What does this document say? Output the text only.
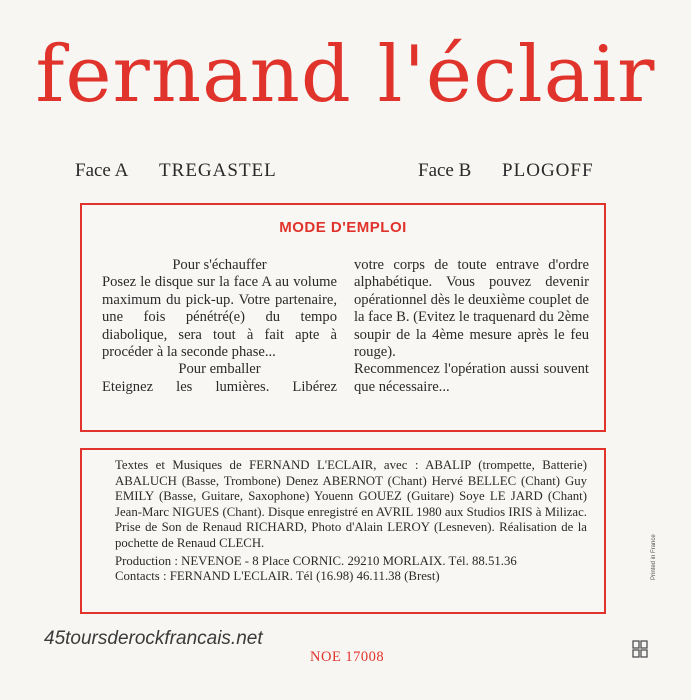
fernand l'éclair
Face A TREGASTEL	Face B PLOGOFF
MODE D'EMPLOI

Pour s'échauffer

Posez le disque sur la face A au volume maximum du pick-up. Votre partenaire, une fois pénétré(e) du tempo diabolique, sera tout à fait apte à procéder à la seconde phase...

Pour emballer

Eteignez les lumières. Libérez

votre corps de toute entrave d'ordre alphabétique. Vous pouvez devenir opérationnel dès le deuxième couplet de la face B. (Evitez le traquenard du 2ème soupir de la 4ème mesure après le feu rouge).

Recommencez l'opération aussi souvent que nécessaire...

Textes et Musiques de FERNAND L'ECLAIR, avec : ABALIP (trompette, Batterie) ABALUCH (Basse, Trombone) Denez ABERNOT (Chant) Hervé BELLEC (Chant) Guy EMILY (Basse, Guitare, Saxophone) Youenn GOUEZ (Guitare) Soye LE JARD (Chant) Jean-Marc NIGUES (Chant). Disque enregistré en AVRIL 1980 aux Studios IRIS à Milizac. Prise de Son de Renaud RICHARD, Photo d'Alain LEROY (Lesneven). Réalisation de la pochette de Renaud CLECH.

Production : NEVENOE - 8 Place CORNIC. 29210 MORLAIX. Tél. 88.51.36

Contacts : FERNAND L'ECLAIR. Tél (16.98) 46.11.38 (Brest)

45toursderockfrancais.net
NOE 17008
Printed in France
